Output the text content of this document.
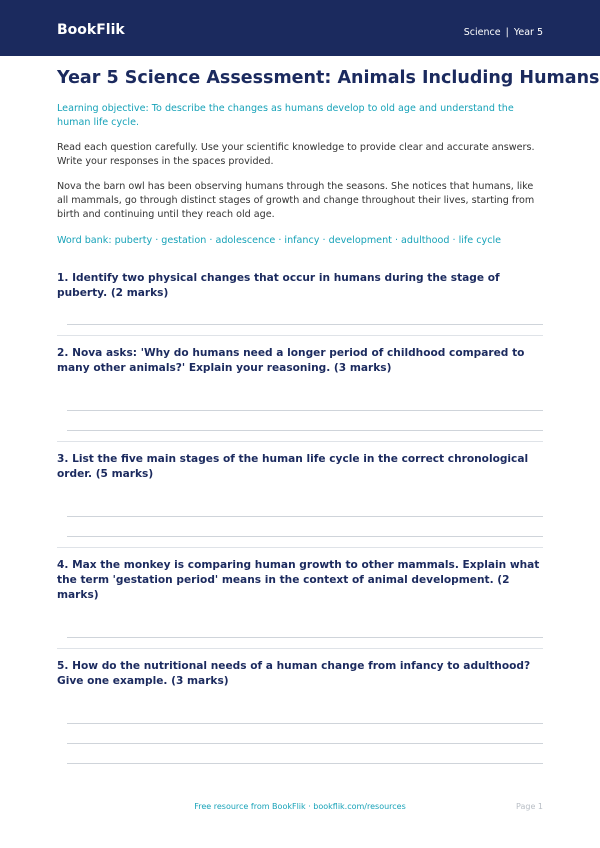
BookFlik	Science | Year 5
Year 5 Science Assessment: Animals Including Humans
Learning objective: To describe the changes as humans develop to old age and understand the human life cycle.
Read each question carefully. Use your scientific knowledge to provide clear and accurate answers. Write your responses in the spaces provided.
Nova the barn owl has been observing humans through the seasons. She notices that humans, like all mammals, go through distinct stages of growth and change throughout their lives, starting from birth and continuing until they reach old age.
Word bank: puberty · gestation · adolescence · infancy · development · adulthood · life cycle
1. Identify two physical changes that occur in humans during the stage of puberty. (2 marks)
2. Nova asks: 'Why do humans need a longer period of childhood compared to many other animals?' Explain your reasoning. (3 marks)
3. List the five main stages of the human life cycle in the correct chronological order. (5 marks)
4. Max the monkey is comparing human growth to other mammals. Explain what the term 'gestation period' means in the context of animal development. (2 marks)
5. How do the nutritional needs of a human change from infancy to adulthood? Give one example. (3 marks)
Free resource from BookFlik · bookflik.com/resources	Page 1
